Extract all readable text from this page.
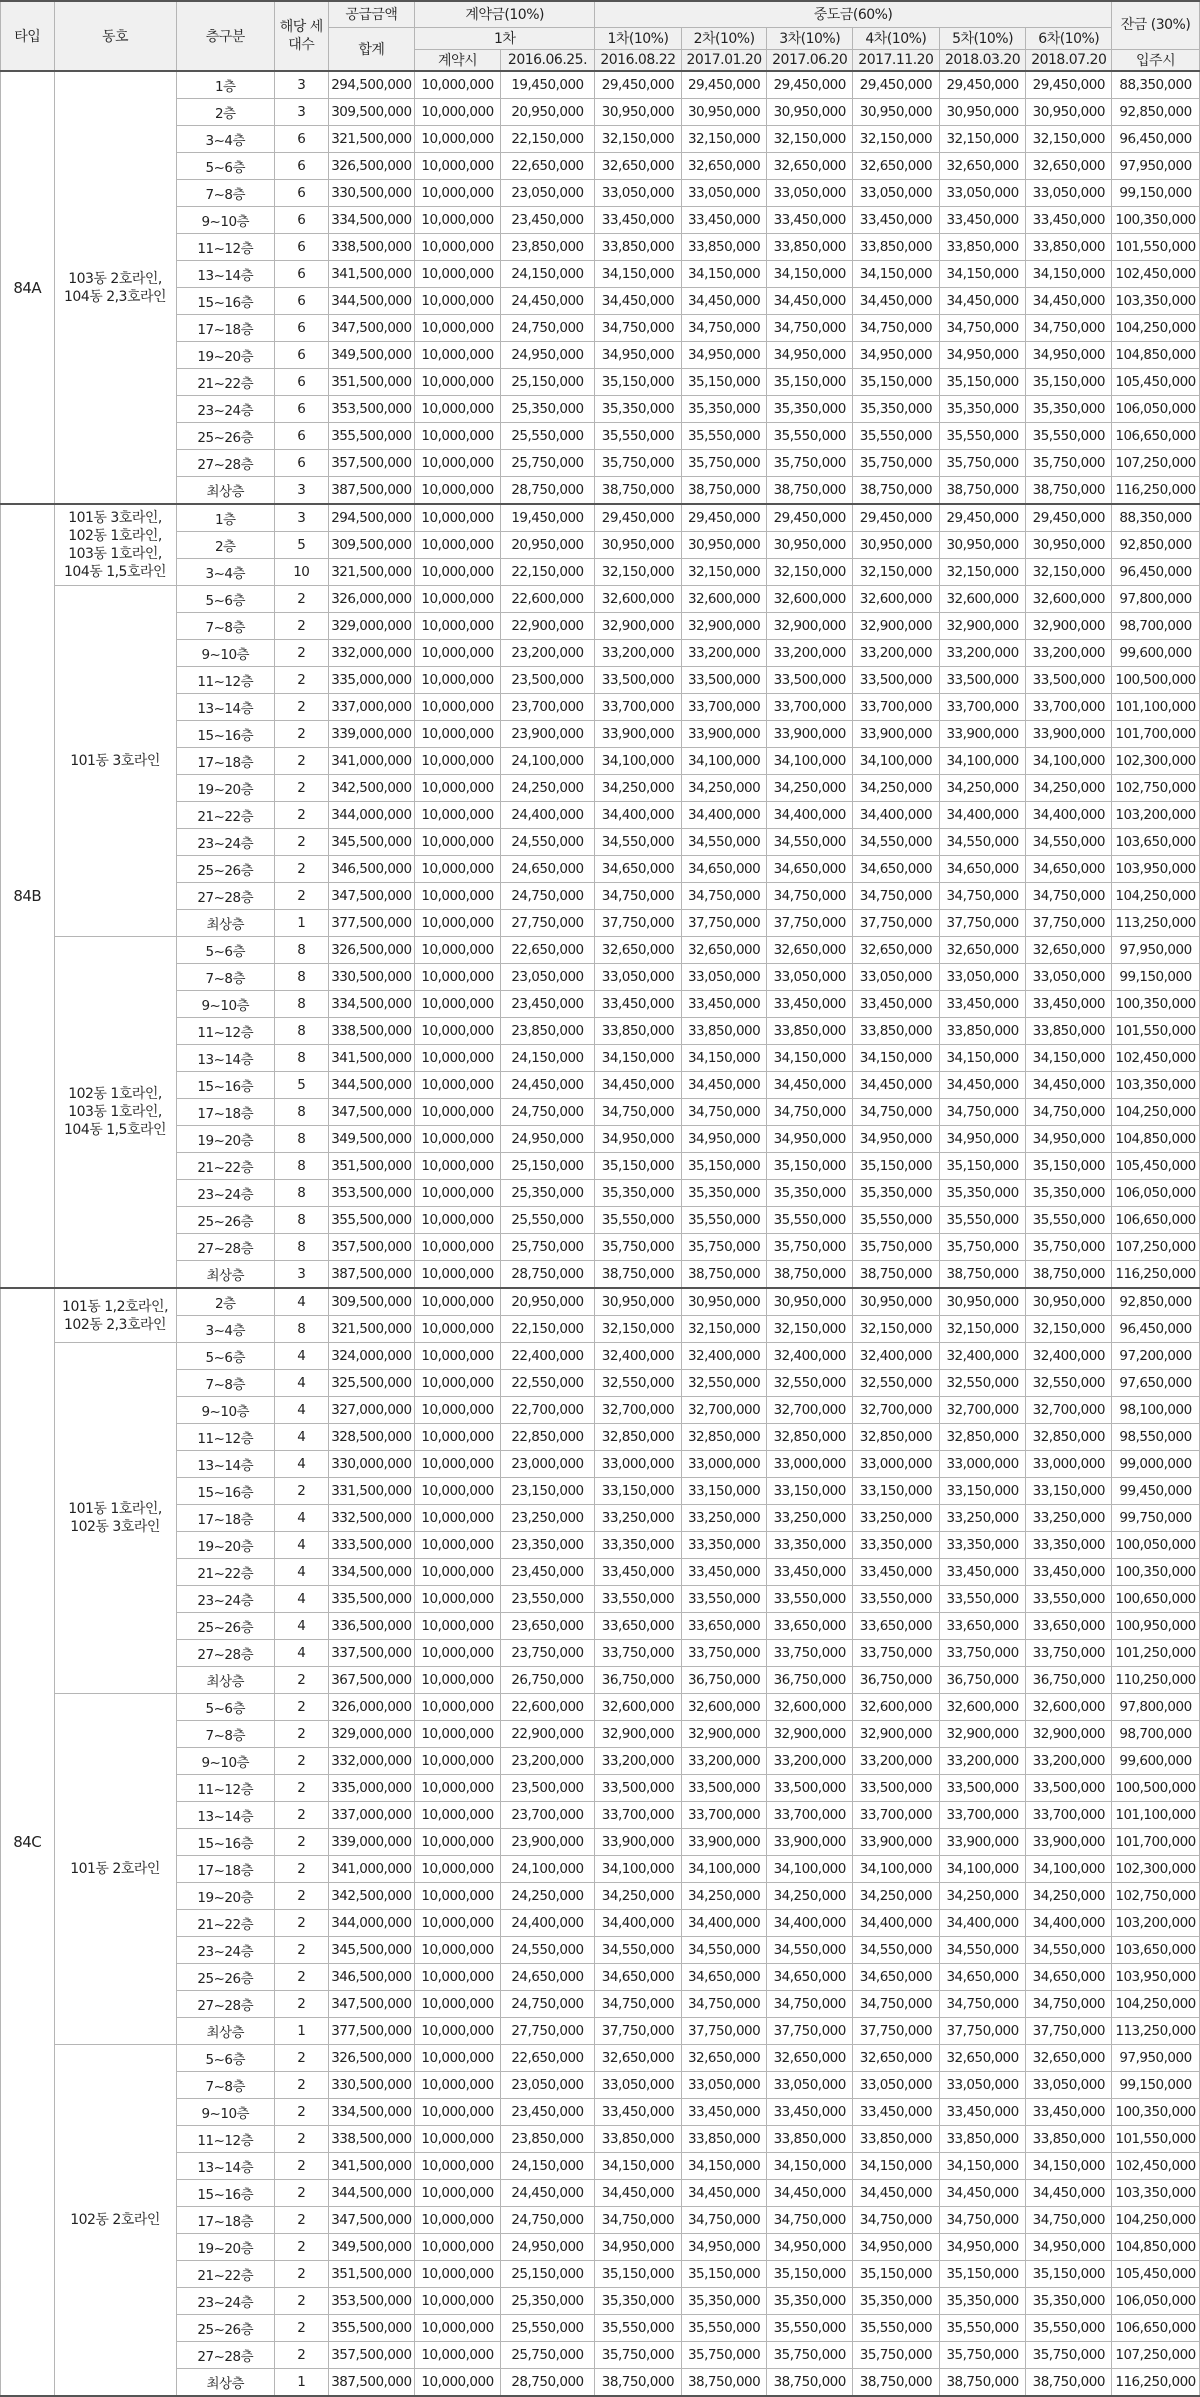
타입	동호	층구분	해당 세대수	공급금액	계약금(10%)		중도금(60%)						잔금 (30%)
				합계	1차		1차(10%)	2차(10%)	3차(10%)	4차(10%)	5차(10%)	6차(10%)	
					계약시	2016.06.25.	2016.08.22	2017.01.20	2017.06.20	2017.11.20	2018.03.20	2018.07.20	입주시
84A	103동 2호라인, 104동 2,3호라인	1층	3	294,500,000	10,000,000	19,450,000	29,450,000	29,450,000	29,450,000	29,450,000	29,450,000	29,450,000	88,350,000
		2층	3	309,500,000	10,000,000	20,950,000	30,950,000	30,950,000	30,950,000	30,950,000	30,950,000	30,950,000	92,850,000
		3~4층	6	321,500,000	10,000,000	22,150,000	32,150,000	32,150,000	32,150,000	32,150,000	32,150,000	32,150,000	96,450,000
		5~6층	6	326,500,000	10,000,000	22,650,000	32,650,000	32,650,000	32,650,000	32,650,000	32,650,000	32,650,000	97,950,000
		7~8층	6	330,500,000	10,000,000	23,050,000	33,050,000	33,050,000	33,050,000	33,050,000	33,050,000	33,050,000	99,150,000
		9~10층	6	334,500,000	10,000,000	23,450,000	33,450,000	33,450,000	33,450,000	33,450,000	33,450,000	33,450,000	100,350,000
		11~12층	6	338,500,000	10,000,000	23,850,000	33,850,000	33,850,000	33,850,000	33,850,000	33,850,000	33,850,000	101,550,000
		13~14층	6	341,500,000	10,000,000	24,150,000	34,150,000	34,150,000	34,150,000	34,150,000	34,150,000	34,150,000	102,450,000
		15~16층	6	344,500,000	10,000,000	24,450,000	34,450,000	34,450,000	34,450,000	34,450,000	34,450,000	34,450,000	103,350,000
		17~18층	6	347,500,000	10,000,000	24,750,000	34,750,000	34,750,000	34,750,000	34,750,000	34,750,000	34,750,000	104,250,000
		19~20층	6	349,500,000	10,000,000	24,950,000	34,950,000	34,950,000	34,950,000	34,950,000	34,950,000	34,950,000	104,850,000
		21~22층	6	351,500,000	10,000,000	25,150,000	35,150,000	35,150,000	35,150,000	35,150,000	35,150,000	35,150,000	105,450,000
		23~24층	6	353,500,000	10,000,000	25,350,000	35,350,000	35,350,000	35,350,000	35,350,000	35,350,000	35,350,000	106,050,000
		25~26층	6	355,500,000	10,000,000	25,550,000	35,550,000	35,550,000	35,550,000	35,550,000	35,550,000	35,550,000	106,650,000
		27~28층	6	357,500,000	10,000,000	25,750,000	35,750,000	35,750,000	35,750,000	35,750,000	35,750,000	35,750,000	107,250,000
		최상층	3	387,500,000	10,000,000	28,750,000	38,750,000	38,750,000	38,750,000	38,750,000	38,750,000	38,750,000	116,250,000
84B	101동 3호라인, 102동 1호라인, 103동 1호라인, 104동 1,5호라인	1층	3	294,500,000	10,000,000	19,450,000	29,450,000	29,450,000	29,450,000	29,450,000	29,450,000	29,450,000	88,350,000
		2층	5	309,500,000	10,000,000	20,950,000	30,950,000	30,950,000	30,950,000	30,950,000	30,950,000	30,950,000	92,850,000
		3~4층	10	321,500,000	10,000,000	22,150,000	32,150,000	32,150,000	32,150,000	32,150,000	32,150,000	32,150,000	96,450,000
	101동 3호라인	5~6층	2	326,000,000	10,000,000	22,600,000	32,600,000	32,600,000	32,600,000	32,600,000	32,600,000	32,600,000	97,800,000
		7~8층	2	329,000,000	10,000,000	22,900,000	32,900,000	32,900,000	32,900,000	32,900,000	32,900,000	32,900,000	98,700,000
		9~10층	2	332,000,000	10,000,000	23,200,000	33,200,000	33,200,000	33,200,000	33,200,000	33,200,000	33,200,000	99,600,000
		11~12층	2	335,000,000	10,000,000	23,500,000	33,500,000	33,500,000	33,500,000	33,500,000	33,500,000	33,500,000	100,500,000
		13~14층	2	337,000,000	10,000,000	23,700,000	33,700,000	33,700,000	33,700,000	33,700,000	33,700,000	33,700,000	101,100,000
		15~16층	2	339,000,000	10,000,000	23,900,000	33,900,000	33,900,000	33,900,000	33,900,000	33,900,000	33,900,000	101,700,000
		17~18층	2	341,000,000	10,000,000	24,100,000	34,100,000	34,100,000	34,100,000	34,100,000	34,100,000	34,100,000	102,300,000
		19~20층	2	342,500,000	10,000,000	24,250,000	34,250,000	34,250,000	34,250,000	34,250,000	34,250,000	34,250,000	102,750,000
		21~22층	2	344,000,000	10,000,000	24,400,000	34,400,000	34,400,000	34,400,000	34,400,000	34,400,000	34,400,000	103,200,000
		23~24층	2	345,500,000	10,000,000	24,550,000	34,550,000	34,550,000	34,550,000	34,550,000	34,550,000	34,550,000	103,650,000
		25~26층	2	346,500,000	10,000,000	24,650,000	34,650,000	34,650,000	34,650,000	34,650,000	34,650,000	34,650,000	103,950,000
		27~28층	2	347,500,000	10,000,000	24,750,000	34,750,000	34,750,000	34,750,000	34,750,000	34,750,000	34,750,000	104,250,000
		최상층	1	377,500,000	10,000,000	27,750,000	37,750,000	37,750,000	37,750,000	37,750,000	37,750,000	37,750,000	113,250,000
	102동 1호라인, 103동 1호라인, 104동 1,5호라인	5~6층	8	326,500,000	10,000,000	22,650,000	32,650,000	32,650,000	32,650,000	32,650,000	32,650,000	32,650,000	97,950,000
		7~8층	8	330,500,000	10,000,000	23,050,000	33,050,000	33,050,000	33,050,000	33,050,000	33,050,000	33,050,000	99,150,000
		9~10층	8	334,500,000	10,000,000	23,450,000	33,450,000	33,450,000	33,450,000	33,450,000	33,450,000	33,450,000	100,350,000
		11~12층	8	338,500,000	10,000,000	23,850,000	33,850,000	33,850,000	33,850,000	33,850,000	33,850,000	33,850,000	101,550,000
		13~14층	8	341,500,000	10,000,000	24,150,000	34,150,000	34,150,000	34,150,000	34,150,000	34,150,000	34,150,000	102,450,000
		15~16층	5	344,500,000	10,000,000	24,450,000	34,450,000	34,450,000	34,450,000	34,450,000	34,450,000	34,450,000	103,350,000
		17~18층	8	347,500,000	10,000,000	24,750,000	34,750,000	34,750,000	34,750,000	34,750,000	34,750,000	34,750,000	104,250,000
		19~20층	8	349,500,000	10,000,000	24,950,000	34,950,000	34,950,000	34,950,000	34,950,000	34,950,000	34,950,000	104,850,000
		21~22층	8	351,500,000	10,000,000	25,150,000	35,150,000	35,150,000	35,150,000	35,150,000	35,150,000	35,150,000	105,450,000
		23~24층	8	353,500,000	10,000,000	25,350,000	35,350,000	35,350,000	35,350,000	35,350,000	35,350,000	35,350,000	106,050,000
		25~26층	8	355,500,000	10,000,000	25,550,000	35,550,000	35,550,000	35,550,000	35,550,000	35,550,000	35,550,000	106,650,000
		27~28층	8	357,500,000	10,000,000	25,750,000	35,750,000	35,750,000	35,750,000	35,750,000	35,750,000	35,750,000	107,250,000
		최상층	3	387,500,000	10,000,000	28,750,000	38,750,000	38,750,000	38,750,000	38,750,000	38,750,000	38,750,000	116,250,000
84C	101동 1,2호라인, 102동 2,3호라인	2층	4	309,500,000	10,000,000	20,950,000	30,950,000	30,950,000	30,950,000	30,950,000	30,950,000	30,950,000	92,850,000
		3~4층	8	321,500,000	10,000,000	22,150,000	32,150,000	32,150,000	32,150,000	32,150,000	32,150,000	32,150,000	96,450,000
	101동 1호라인, 102동 3호라인	5~6층	4	324,000,000	10,000,000	22,400,000	32,400,000	32,400,000	32,400,000	32,400,000	32,400,000	32,400,000	97,200,000
		7~8층	4	325,500,000	10,000,000	22,550,000	32,550,000	32,550,000	32,550,000	32,550,000	32,550,000	32,550,000	97,650,000
		9~10층	4	327,000,000	10,000,000	22,700,000	32,700,000	32,700,000	32,700,000	32,700,000	32,700,000	32,700,000	98,100,000
		11~12층	4	328,500,000	10,000,000	22,850,000	32,850,000	32,850,000	32,850,000	32,850,000	32,850,000	32,850,000	98,550,000
		13~14층	4	330,000,000	10,000,000	23,000,000	33,000,000	33,000,000	33,000,000	33,000,000	33,000,000	33,000,000	99,000,000
		15~16층	2	331,500,000	10,000,000	23,150,000	33,150,000	33,150,000	33,150,000	33,150,000	33,150,000	33,150,000	99,450,000
		17~18층	4	332,500,000	10,000,000	23,250,000	33,250,000	33,250,000	33,250,000	33,250,000	33,250,000	33,250,000	99,750,000
		19~20층	4	333,500,000	10,000,000	23,350,000	33,350,000	33,350,000	33,350,000	33,350,000	33,350,000	33,350,000	100,050,000
		21~22층	4	334,500,000	10,000,000	23,450,000	33,450,000	33,450,000	33,450,000	33,450,000	33,450,000	33,450,000	100,350,000
		23~24층	4	335,500,000	10,000,000	23,550,000	33,550,000	33,550,000	33,550,000	33,550,000	33,550,000	33,550,000	100,650,000
		25~26층	4	336,500,000	10,000,000	23,650,000	33,650,000	33,650,000	33,650,000	33,650,000	33,650,000	33,650,000	100,950,000
		27~28층	4	337,500,000	10,000,000	23,750,000	33,750,000	33,750,000	33,750,000	33,750,000	33,750,000	33,750,000	101,250,000
		최상층	2	367,500,000	10,000,000	26,750,000	36,750,000	36,750,000	36,750,000	36,750,000	36,750,000	36,750,000	110,250,000
	101동 2호라인	5~6층	2	326,000,000	10,000,000	22,600,000	32,600,000	32,600,000	32,600,000	32,600,000	32,600,000	32,600,000	97,800,000
		7~8층	2	329,000,000	10,000,000	22,900,000	32,900,000	32,900,000	32,900,000	32,900,000	32,900,000	32,900,000	98,700,000
		9~10층	2	332,000,000	10,000,000	23,200,000	33,200,000	33,200,000	33,200,000	33,200,000	33,200,000	33,200,000	99,600,000
		11~12층	2	335,000,000	10,000,000	23,500,000	33,500,000	33,500,000	33,500,000	33,500,000	33,500,000	33,500,000	100,500,000
		13~14층	2	337,000,000	10,000,000	23,700,000	33,700,000	33,700,000	33,700,000	33,700,000	33,700,000	33,700,000	101,100,000
		15~16층	2	339,000,000	10,000,000	23,900,000	33,900,000	33,900,000	33,900,000	33,900,000	33,900,000	33,900,000	101,700,000
		17~18층	2	341,000,000	10,000,000	24,100,000	34,100,000	34,100,000	34,100,000	34,100,000	34,100,000	34,100,000	102,300,000
		19~20층	2	342,500,000	10,000,000	24,250,000	34,250,000	34,250,000	34,250,000	34,250,000	34,250,000	34,250,000	102,750,000
		21~22층	2	344,000,000	10,000,000	24,400,000	34,400,000	34,400,000	34,400,000	34,400,000	34,400,000	34,400,000	103,200,000
		23~24층	2	345,500,000	10,000,000	24,550,000	34,550,000	34,550,000	34,550,000	34,550,000	34,550,000	34,550,000	103,650,000
		25~26층	2	346,500,000	10,000,000	24,650,000	34,650,000	34,650,000	34,650,000	34,650,000	34,650,000	34,650,000	103,950,000
		27~28층	2	347,500,000	10,000,000	24,750,000	34,750,000	34,750,000	34,750,000	34,750,000	34,750,000	34,750,000	104,250,000
		최상층	1	377,500,000	10,000,000	27,750,000	37,750,000	37,750,000	37,750,000	37,750,000	37,750,000	37,750,000	113,250,000
	102동 2호라인	5~6층	2	326,500,000	10,000,000	22,650,000	32,650,000	32,650,000	32,650,000	32,650,000	32,650,000	32,650,000	97,950,000
		7~8층	2	330,500,000	10,000,000	23,050,000	33,050,000	33,050,000	33,050,000	33,050,000	33,050,000	33,050,000	99,150,000
		9~10층	2	334,500,000	10,000,000	23,450,000	33,450,000	33,450,000	33,450,000	33,450,000	33,450,000	33,450,000	100,350,000
		11~12층	2	338,500,000	10,000,000	23,850,000	33,850,000	33,850,000	33,850,000	33,850,000	33,850,000	33,850,000	101,550,000
		13~14층	2	341,500,000	10,000,000	24,150,000	34,150,000	34,150,000	34,150,000	34,150,000	34,150,000	34,150,000	102,450,000
		15~16층	2	344,500,000	10,000,000	24,450,000	34,450,000	34,450,000	34,450,000	34,450,000	34,450,000	34,450,000	103,350,000
		17~18층	2	347,500,000	10,000,000	24,750,000	34,750,000	34,750,000	34,750,000	34,750,000	34,750,000	34,750,000	104,250,000
		19~20층	2	349,500,000	10,000,000	24,950,000	34,950,000	34,950,000	34,950,000	34,950,000	34,950,000	34,950,000	104,850,000
		21~22층	2	351,500,000	10,000,000	25,150,000	35,150,000	35,150,000	35,150,000	35,150,000	35,150,000	35,150,000	105,450,000
		23~24층	2	353,500,000	10,000,000	25,350,000	35,350,000	35,350,000	35,350,000	35,350,000	35,350,000	35,350,000	106,050,000
		25~26층	2	355,500,000	10,000,000	25,550,000	35,550,000	35,550,000	35,550,000	35,550,000	35,550,000	35,550,000	106,650,000
		27~28층	2	357,500,000	10,000,000	25,750,000	35,750,000	35,750,000	35,750,000	35,750,000	35,750,000	35,750,000	107,250,000
		최상층	1	387,500,000	10,000,000	28,750,000	38,750,000	38,750,000	38,750,000	38,750,000	38,750,000	38,750,000	116,250,000
